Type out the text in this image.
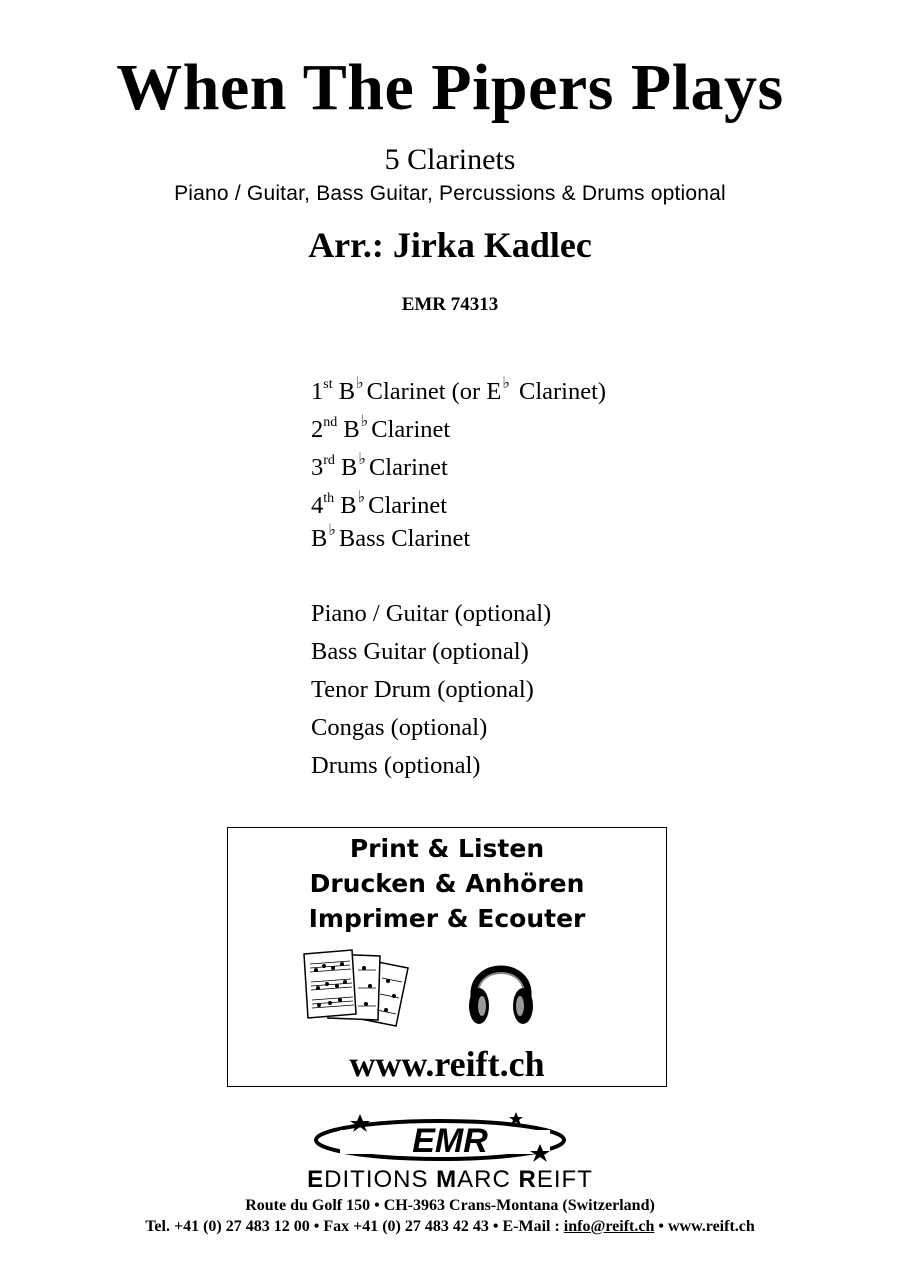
When The Pipers Plays
5 Clarinets
Piano / Guitar, Bass Guitar, Percussions & Drums optional
Arr.: Jirka Kadlec
EMR 74313
1st B♭ Clarinet (or E♭ Clarinet)
2nd B♭ Clarinet
3rd B♭ Clarinet
4th B♭ Clarinet
B♭ Bass Clarinet
Piano / Guitar (optional)
Bass Guitar (optional)
Tenor Drum (optional)
Congas (optional)
Drums (optional)
Print & Listen
Drucken & Anhören
Imprimer & Ecouter
www.reift.ch
EMR
EDITIONS MARC REIFT
Route du Golf 150 • CH-3963 Crans-Montana (Switzerland)
Tel. +41 (0) 27 483 12 00 • Fax +41 (0) 27 483 42 43 • E-Mail : info@reift.ch • www.reift.ch
